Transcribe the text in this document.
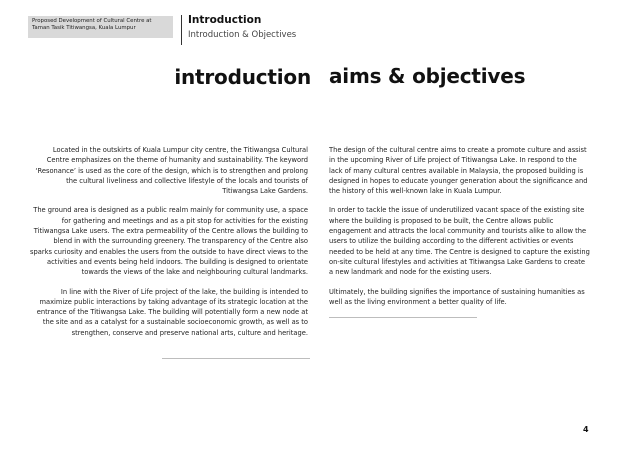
Proposed Development of Cultural Centre at
Taman Tasik Titiwangsa, Kuala Lumpur
Introduction
Introduction & Objectives
introduction aims & objectives

Located in the outskirts of Kuala Lumpur city centre, the Titiwangsa Cultural Centre emphasizes on the theme of humanity and sustainability. The keyword ‘Resonance’ is used as the core of the design, which is to strengthen and prolong the cultural liveliness and collective lifestyle of the locals and tourists of Titiwangsa Lake Gardens.

The ground area is designed as a public realm mainly for community use, a space for gathering and meetings and as a pit stop for activities for the existing Titiwangsa Lake users. The extra permeability of the Centre allows the building to blend in with the surrounding greenery. The transparency of the Centre also sparks curiosity and enables the users from the outside to have direct views to the activities and events being held indoors. The building is designed to orientate towards the views of the lake and neighbouring cultural landmarks.

In line with the River of Life project of the lake, the building is intended to maximize public interactions by taking advantage of its strategic location at the entrance of the Titiwangsa Lake. The building will potentially form a new node at the site and as a catalyst for a sustainable socioeconomic growth, as well as to strengthen, conserve and preserve national arts, culture and heritage.

The design of the cultural centre aims to create a promote culture and assist in the upcoming River of Life project of Titiwangsa Lake. In respond to the lack of many cultural centres available in Malaysia, the proposed building is designed in hopes to educate younger generation about the significance and the history of this well-known lake in Kuala Lumpur.

In order to tackle the issue of underutilized vacant space of the existing site where the building is proposed to be built, the Centre allows public engagement and attracts the local community and tourists alike to allow the users to utilize the building according to the different activities or events needed to be held at any time. The Centre is designed to capture the existing on-site cultural lifestyles and activities at Titiwangsa Lake Gardens to create a new landmark and node for the existing users.

Ultimately, the building signifies the importance of sustaining humanities as well as the living environment a better quality of life.

4
